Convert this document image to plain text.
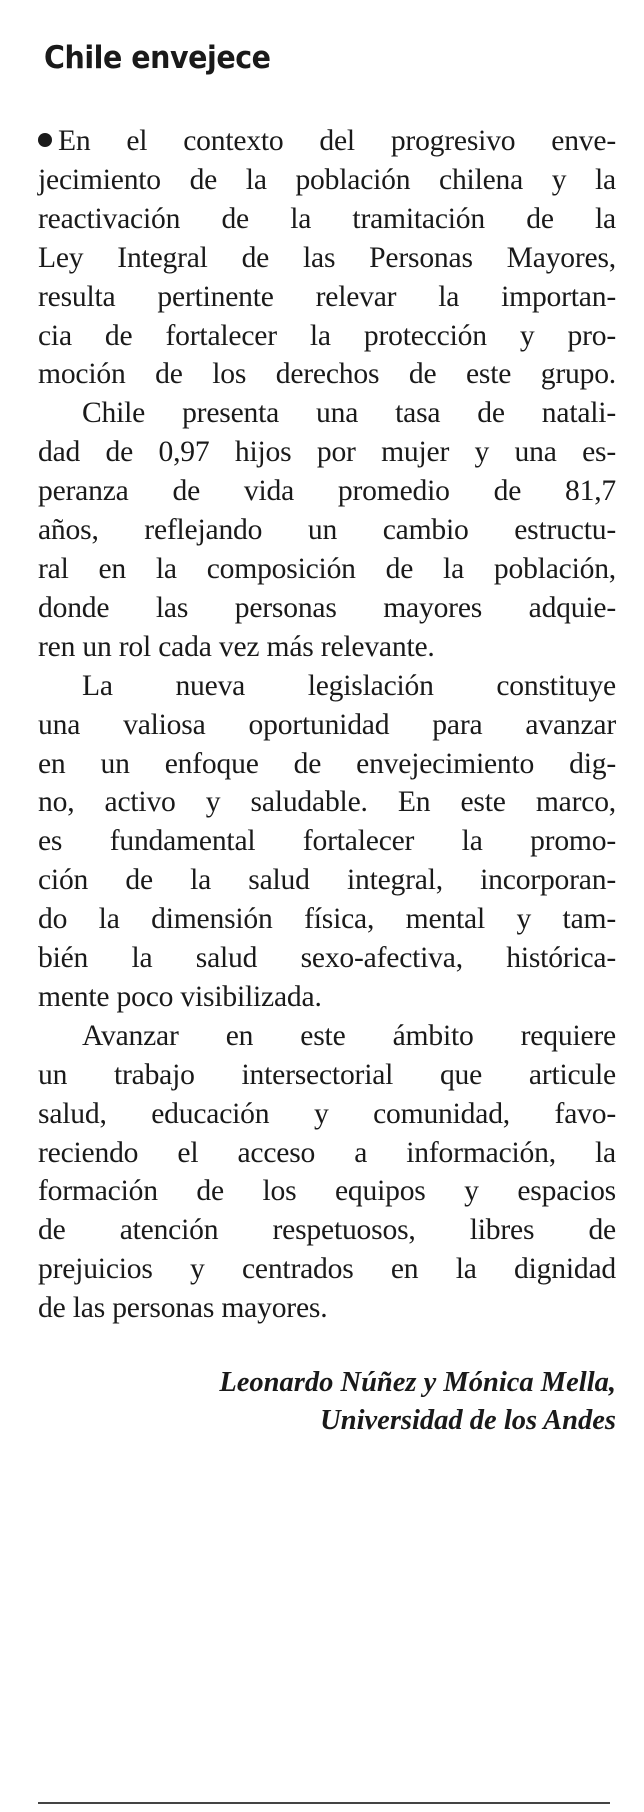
Chile envejece

En el contexto del progresivo enve-
jecimiento de la población chilena y la
reactivación de la tramitación de la
Ley Integral de las Personas Mayores,
resulta pertinente relevar la importan-
cia de fortalecer la protección y pro-
moción de los derechos de este grupo.

Chile presenta una tasa de natali-
dad de 0,97 hijos por mujer y una es-
peranza de vida promedio de 81,7
años, reflejando un cambio estructu-
ral en la composición de la población,
donde las personas mayores adquie-
ren un rol cada vez más relevante.

La nueva legislación constituye
una valiosa oportunidad para avanzar
en un enfoque de envejecimiento dig-
no, activo y saludable. En este marco,
es fundamental fortalecer la promo-
ción de la salud integral, incorporan-
do la dimensión física, mental y tam-
bién la salud sexo-afectiva, histórica-
mente poco visibilizada.

Avanzar en este ámbito requiere
un trabajo intersectorial que articule
salud, educación y comunidad, favo-
reciendo el acceso a información, la
formación de los equipos y espacios
de atención respetuosos, libres de
prejuicios y centrados en la dignidad
de las personas mayores.

Leonardo Núñez y Mónica Mella,
Universidad de los Andes
